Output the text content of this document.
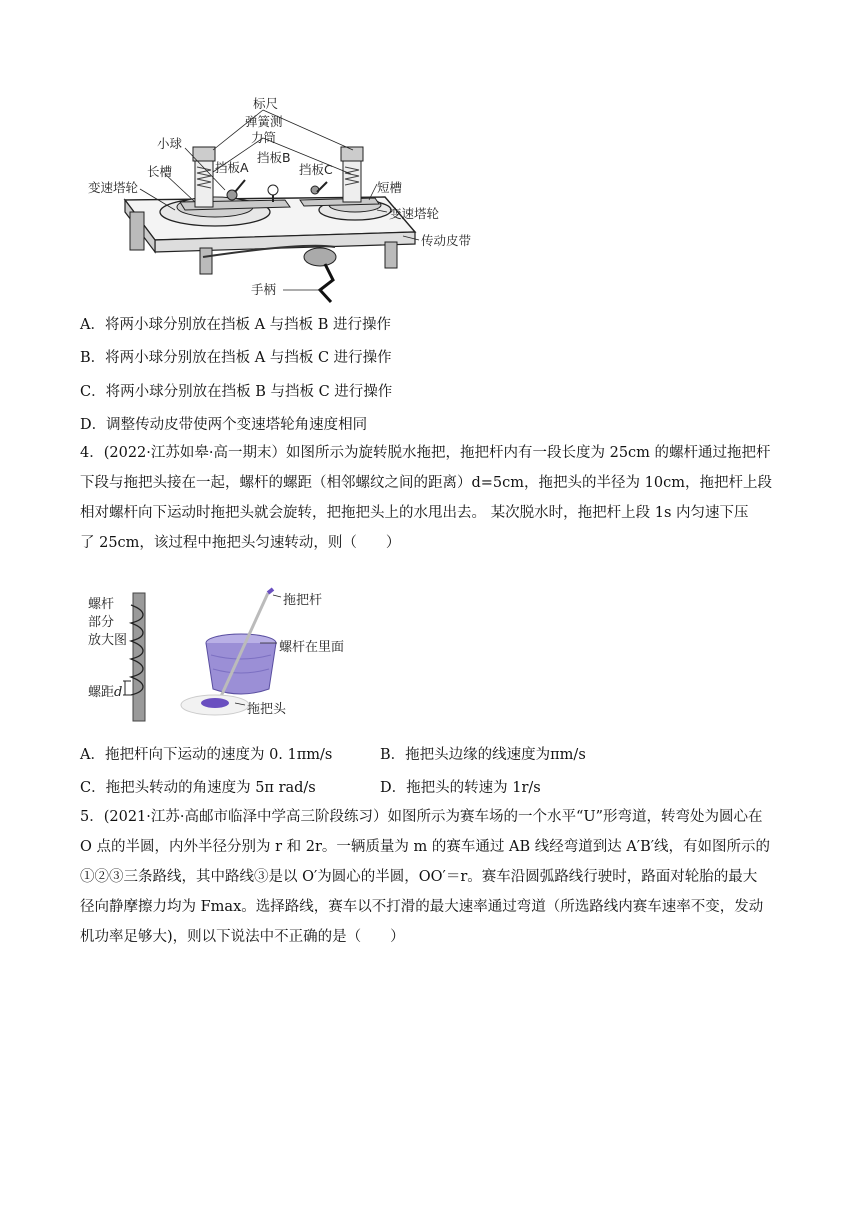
标尺
弹簧测
力筒
挡板B
小球
挡板A	挡板C
长槽
短槽
变速塔轮
变速塔轮
传动皮带
手柄
A．将两小球分别放在挡板 A 与挡板 B 进行操作
B．将两小球分别放在挡板 A 与挡板 C 进行操作
C．将两小球分别放在挡板 B 与挡板 C 进行操作
D．调整传动皮带使两个变速塔轮角速度相同
4．(2022·江苏如皋·高一期末）如图所示为旋转脱水拖把，拖把杆内有一段长度为 25cm 的螺杆通过拖把杆
下段与拖把头接在一起，螺杆的螺距（相邻螺纹之间的距离）d=5cm，拖把头的半径为 10cm，拖把杆上段
相对螺杆向下运动时拖把头就会旋转，把拖把头上的水甩出去。 某次脱水时，拖把杆上段 1s 内匀速下压
了 25cm，该过程中拖把头匀速转动，则（　　）
螺杆
部分
放大图
螺距d
拖把杆
螺杆在里面
拖把头
A．拖把杆向下运动的速度为 0. 1πm/s	B．拖把头边缘的线速度为πm/s
C．拖把头转动的角速度为 5π rad/s	D．拖把头的转速为 1r/s
5．(2021·江苏·高邮市临泽中学高三阶段练习）如图所示为赛车场的一个水平“U”形弯道，转弯处为圆心在
O 点的半圆，内外半径分别为 r 和 2r。一辆质量为 m 的赛车通过 AB 线经弯道到达 A′B′线，有如图所示的
①②③三条路线，其中路线③是以 O′为圆心的半圆，OO′＝r。赛车沿圆弧路线行驶时，路面对轮胎的最大
径向静摩擦力均为 Fmax。选择路线，赛车以不打滑的最大速率通过弯道（所选路线内赛车速率不变，发动
机功率足够大)，则以下说法中不正确的是（　　）
